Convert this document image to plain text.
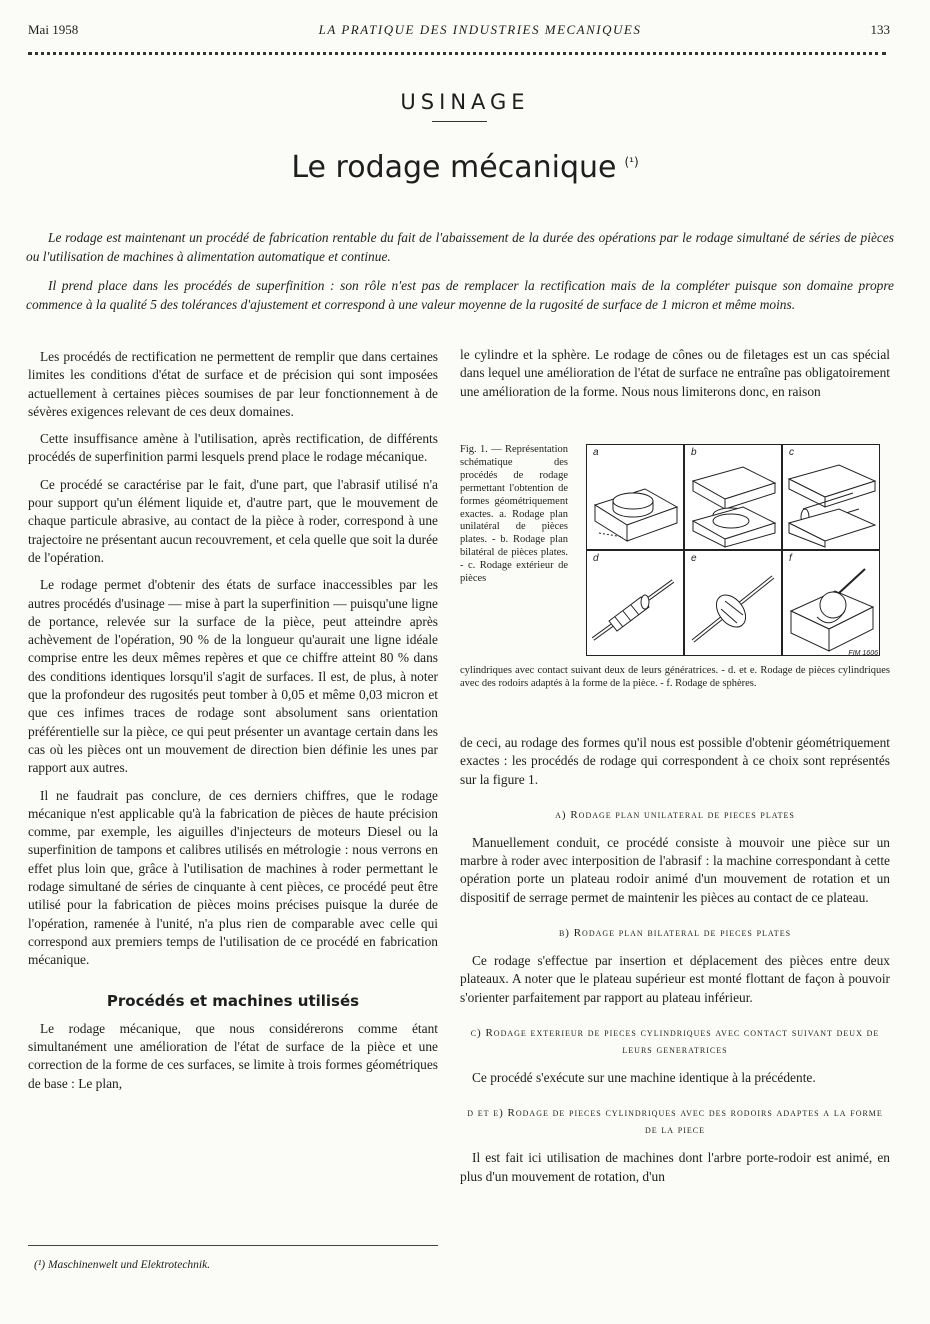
Mai 1958	LA PRATIQUE DES INDUSTRIES MECANIQUES	133
USINAGE
Le rodage mécanique $^{(^1)}$

Le rodage est maintenant un procédé de fabrication rentable du fait de l'abaissement de la durée des opérations par le rodage simultané de séries de pièces ou l'utilisation de machines à alimentation automatique et continue.

Il prend place dans les procédés de superfinition : son rôle n'est pas de remplacer la rectification mais de la compléter puisque son domaine propre commence à la qualité 5 des tolérances d'ajustement et correspond à une valeur moyenne de la rugosité de surface de 1 micron et même moins.

Les procédés de rectification ne permettent de remplir que dans certaines limites les conditions d'état de surface et de précision qui sont imposées actuellement à certaines pièces soumises de par leur fonctionnement à de sévères exigences relevant de ces deux domaines.

Cette insuffisance amène à l'utilisation, après rectification, de différents procédés de superfinition parmi lesquels prend place le rodage mécanique.

Ce procédé se caractérise par le fait, d'une part, que l'abrasif utilisé n'a pour support qu'un élément liquide et, d'autre part, que le mouvement de chaque particule abrasive, au contact de la pièce à roder, correspond à une trajectoire ne présentant aucun recouvrement, et cela quelle que soit la durée de l'opération.

Le rodage permet d'obtenir des états de surface inaccessibles par les autres procédés d'usinage — mise à part la superfinition — puisqu'une ligne de portance, relevée sur la surface de la pièce, peut atteindre après achèvement de l'opération, 90 % de la longueur qu'aurait une ligne idéale comprise entre les deux mêmes repères et que ce chiffre atteint 80 % dans des conditions identiques lorsqu'il s'agit de surfaces. Il est, de plus, à noter que la profondeur des rugosités peut tomber à 0,05 et même 0,03 micron et que ces infimes traces de rodage sont absolument sans orientation préférentielle sur la pièce, ce qui peut présenter un avantage certain dans les cas où les pièces ont un mouvement de direction bien définie les unes par rapport aux autres.

Il ne faudrait pas conclure, de ces derniers chiffres, que le rodage mécanique n'est applicable qu'à la fabrication de pièces de haute précision comme, par exemple, les aiguilles d'injecteurs de moteurs Diesel ou la superfinition de tampons et calibres utilisés en métrologie : nous verrons en effet plus loin que, grâce à l'utilisation de machines à roder permettant le rodage simultané de séries de cinquante à cent pièces, ce procédé peut être utilisé pour la fabrication de pièces moins précises puisque la durée de l'opération, ramenée à l'unité, n'a plus rien de comparable avec celle qui correspond aux premiers temps de l'utilisation de ce procédé en fabrication mécanique.

Procédés et machines utilisés

Le rodage mécanique, que nous considérerons comme étant simultanément une amélioration de l'état de surface de la pièce et une correction de la forme de ces surfaces, se limite à trois formes géométriques de base : Le plan,

le cylindre et la sphère. Le rodage de cônes ou de filetages est un cas spécial dans lequel une amélioration de l'état de surface ne entraîne pas obligatoirement une amélioration de la forme. Nous nous limiterons donc, en raison

Fig. 1. — Représentation schématique des procédés de rodage permettant l'obtention de formes géométriquement exactes. a. Rodage plan unilatéral de pièces plates. - b. Rodage plan bilatéral de pièces plates. - c. Rodage extérieur de pièces
a	b	c
d	e	f
FIM 1606
cylindriques avec contact suivant deux de leurs génératrices. - d. et e. Rodage de pièces cylindriques avec des rodoirs adaptés à la forme de la pièce. - f. Rodage de sphères.

de ceci, au rodage des formes qu'il nous est possible d'obtenir géométriquement exactes : les procédés de rodage qui correspondent à ce choix sont représentés sur la figure 1.

a) Rodage plan unilateral de pieces plates

Manuellement conduit, ce procédé consiste à mouvoir une pièce sur un marbre à roder avec interposition de l'abrasif : la machine correspondant à cette opération porte un plateau rodoir animé d'un mouvement de rotation et un dispositif de serrage permet de maintenir les pièces au contact de ce plateau.

b) Rodage plan bilateral de pieces plates

Ce rodage s'effectue par insertion et déplacement des pièces entre deux plateaux. A noter que le plateau supérieur est monté flottant de façon à pouvoir s'orienter parfaitement par rapport au plateau inférieur.

c) Rodage exterieur de pieces cylindriques avec contact suivant deux de leurs generatrices

Ce procédé s'exécute sur une machine identique à la précédente.

d et e) Rodage de pieces cylindriques avec des rodoirs adaptes a la forme de la piece

Il est fait ici utilisation de machines dont l'arbre porte-rodoir est animé, en plus d'un mouvement de rotation, d'un

(¹) Maschinenwelt und Elektrotechnik.
